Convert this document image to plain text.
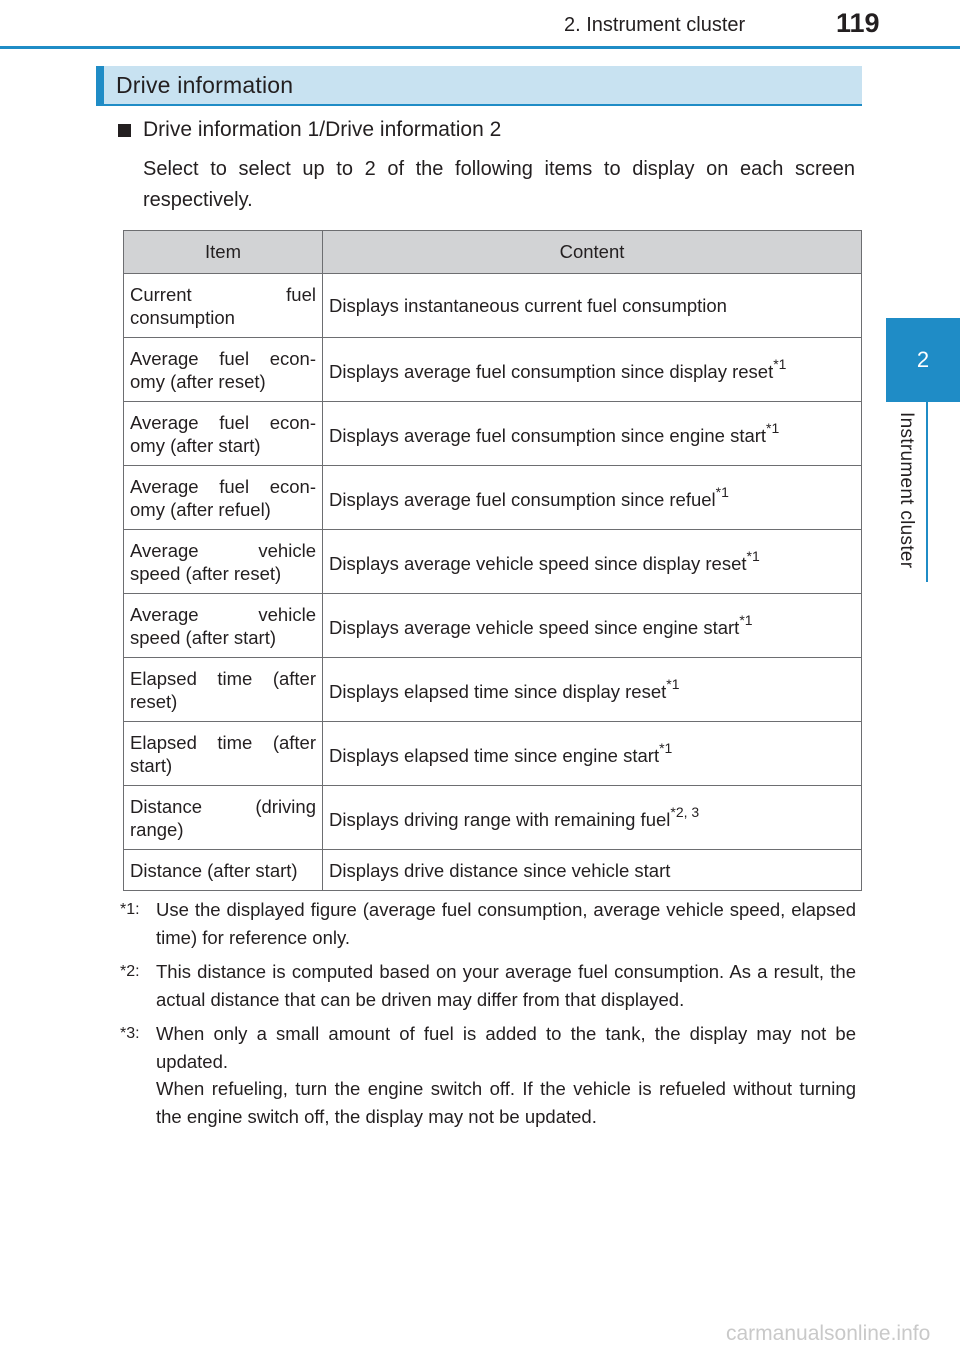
2. Instrument cluster	119
2
Instrument cluster
Drive information
Drive information 1/Drive information 2

Select to select up to 2 of the following items to display on each screen respectively.

Item	Content
Current fuel consumption	Displays instantaneous current fuel consumption
Average fuel econ-omy (after reset)	Displays average fuel consumption since display reset$^{*1}$
Average fuel econ-omy (after start)	Displays average fuel consumption since engine start$^{*1}$
Average fuel econ-omy (after refuel)	Displays average fuel consumption since refuel$^{*1}$
Average vehicle speed (after reset)	Displays average vehicle speed since display reset$^{*1}$
Average vehicle speed (after start)	Displays average vehicle speed since engine start$^{*1}$
Elapsed time (after reset)	Displays elapsed time since display reset$^{*1}$
Elapsed time (after start)	Displays elapsed time since engine start$^{*1}$
Distance (driving range)	Displays driving range with remaining fuel$^{*2, 3}$
Distance (after start)	Displays drive distance since vehicle start
*1: Use the displayed figure (average fuel consumption, average vehicle speed, elapsed time) for reference only.

*2: This distance is computed based on your average fuel consumption. As a result, the actual distance that can be driven may differ from that displayed.

*3: When only a small amount of fuel is added to the tank, the display may not be updated.

When refueling, turn the engine switch off. If the vehicle is refueled without turning the engine switch off, the display may not be updated.

carmanualsonline.info
